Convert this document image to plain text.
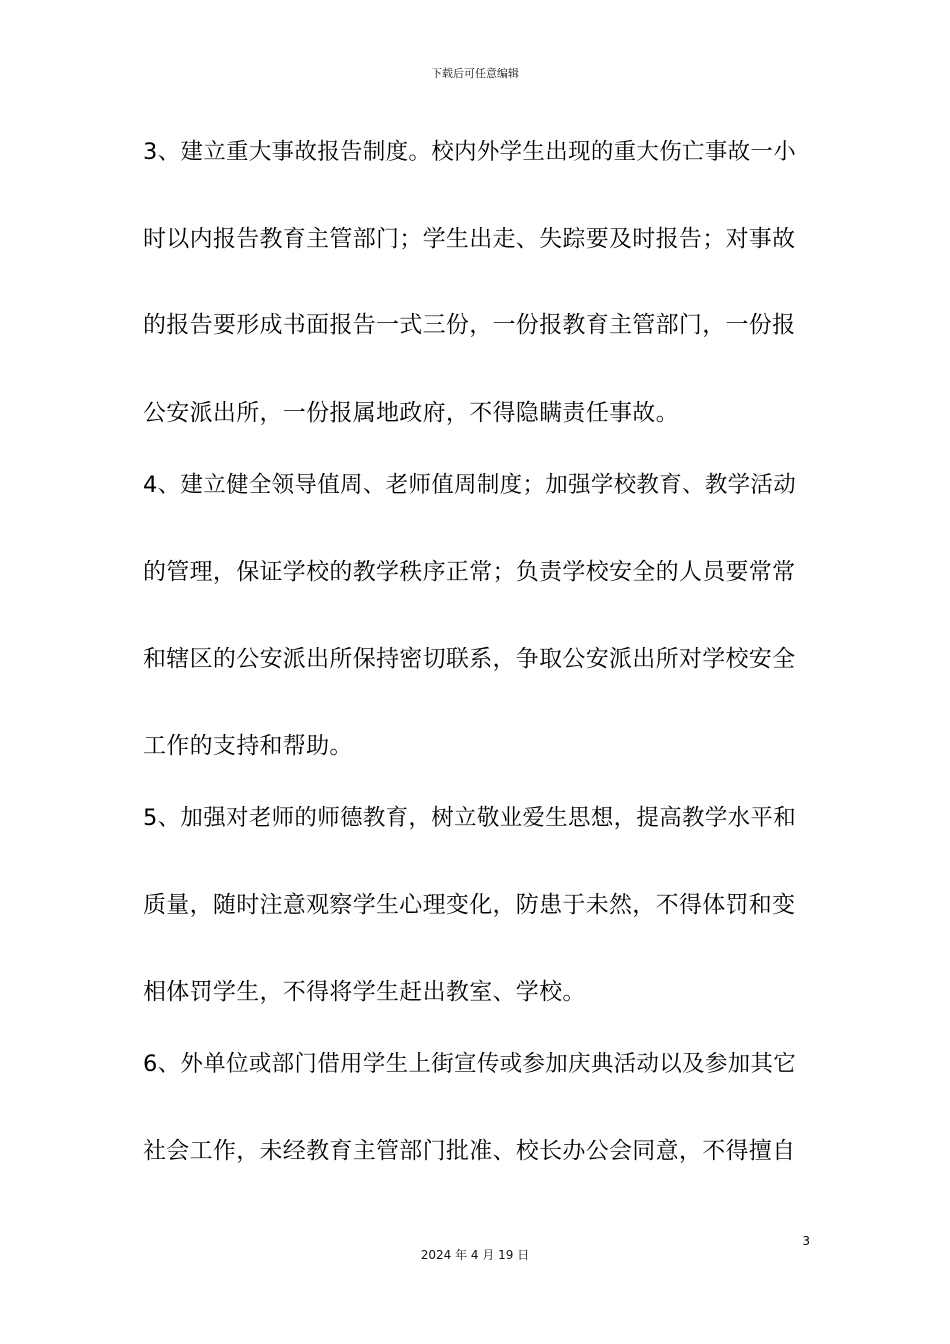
下载后可任意编辑
3、建立重大事故报告制度。校内外学生出现的重大伤亡事故一小
时以内报告教育主管部门；学生出走、失踪要及时报告；对事故
的报告要形成书面报告一式三份，一份报教育主管部门，一份报
公安派出所，一份报属地政府，不得隐瞒责任事故。
4、建立健全领导值周、老师值周制度；加强学校教育、教学活动
的管理，保证学校的教学秩序正常；负责学校安全的人员要常常
和辖区的公安派出所保持密切联系，争取公安派出所对学校安全
工作的支持和帮助。
5、加强对老师的师德教育，树立敬业爱生思想，提高教学水平和
质量，随时注意观察学生心理变化，防患于未然，不得体罚和变
相体罚学生，不得将学生赶出教室、学校。
6、外单位或部门借用学生上街宣传或参加庆典活动以及参加其它
社会工作，未经教育主管部门批准、校长办公会同意，不得擅自
3
2024 年 4 月 19 日
